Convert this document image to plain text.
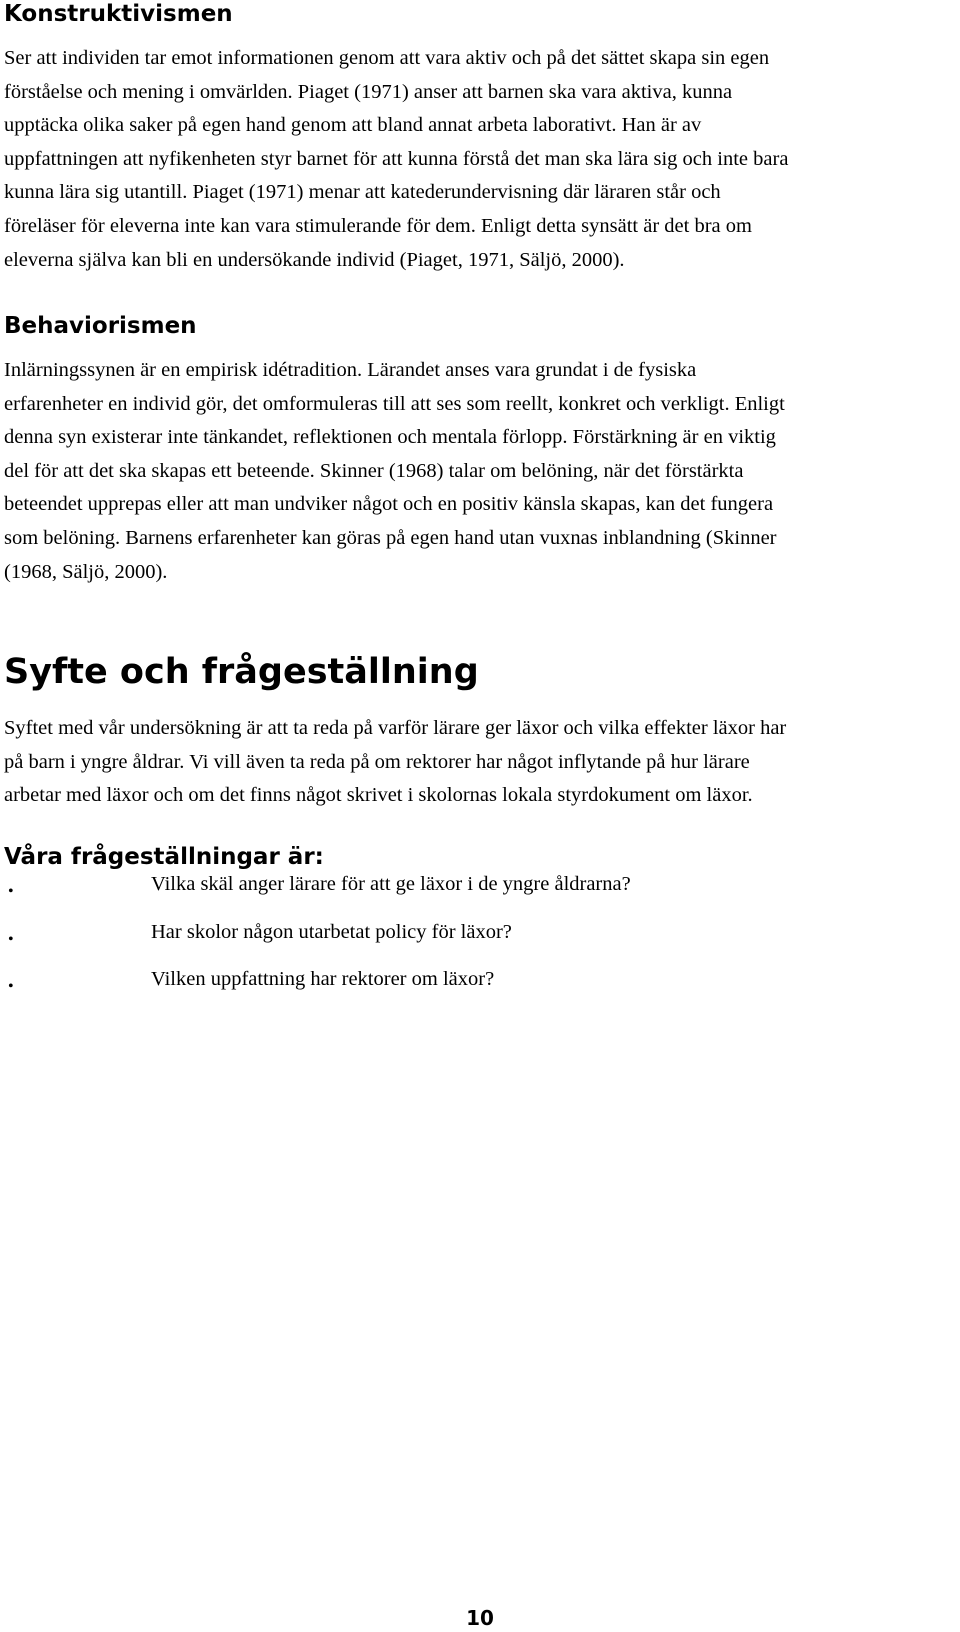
Konstruktivismen

Ser att individen tar emot informationen genom att vara aktiv och på det sättet skapa sin egen
förståelse och mening i omvärlden. Piaget (1971) anser att barnen ska vara aktiva, kunna
upptäcka olika saker på egen hand genom att bland annat arbeta laborativt. Han är av
uppfattningen att nyfikenheten styr barnet för att kunna förstå det man ska lära sig och inte bara
kunna lära sig utantill. Piaget (1971) menar att katederundervisning där läraren står och
föreläser för eleverna inte kan vara stimulerande för dem. Enligt detta synsätt är det bra om
eleverna själva kan bli en undersökande individ (Piaget, 1971, Säljö, 2000).

Behaviorismen

Inlärningssynen är en empirisk idétradition. Lärandet anses vara grundat i de fysiska
erfarenheter en individ gör, det omformuleras till att ses som reellt, konkret och verkligt. Enligt
denna syn existerar inte tänkandet, reflektionen och mentala förlopp. Förstärkning är en viktig
del för att det ska skapas ett beteende. Skinner (1968) talar om belöning, när det förstärkta
beteendet upprepas eller att man undviker något och en positiv känsla skapas, kan det fungera
som belöning. Barnens erfarenheter kan göras på egen hand utan vuxnas inblandning (Skinner
(1968, Säljö, 2000).

Syfte och frågeställning

Syftet med vår undersökning är att ta reda på varför lärare ger läxor och vilka effekter läxor har
på barn i yngre åldrar. Vi vill även ta reda på om rektorer har något inflytande på hur lärare
arbetar med läxor och om det finns något skrivet i skolornas lokala styrdokument om läxor.

Våra frågeställningar är:
•	Vilka skäl anger lärare för att ge läxor i de yngre åldrarna?
•	Har skolor någon utarbetat policy för läxor?
•	Vilken uppfattning har rektorer om läxor?
10
